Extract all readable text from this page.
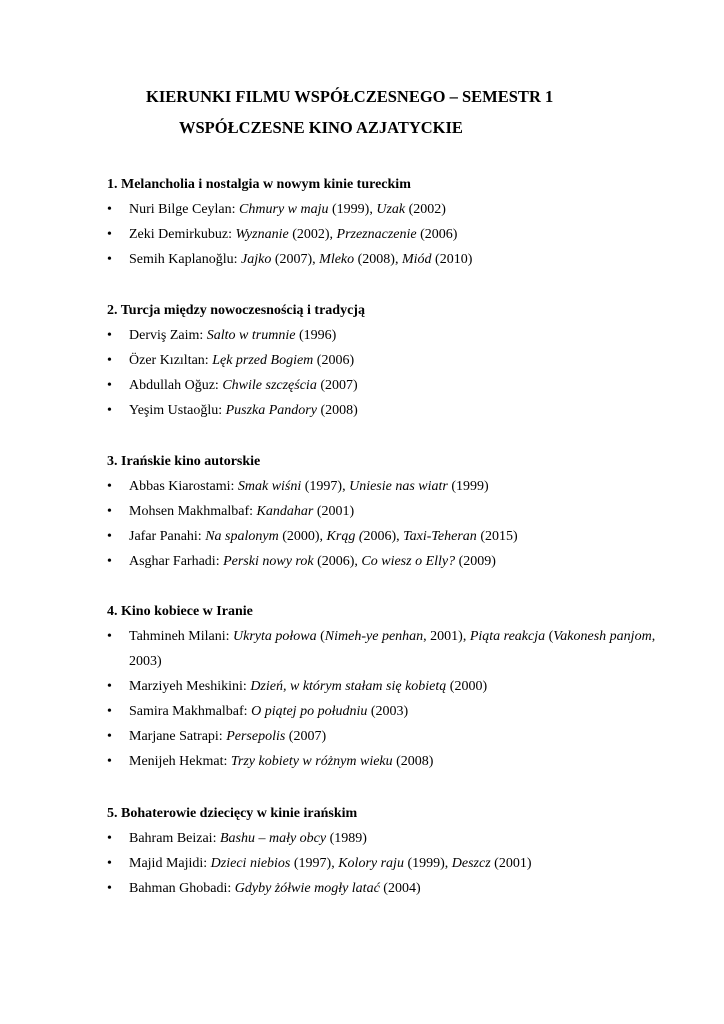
KIERUNKI FILMU WSPÓŁCZESNEGO – SEMESTR 1
WSPÓŁCZESNE KINO AZJATYCKIE
1. Melancholia i nostalgia w nowym kinie tureckim
• Nuri Bilge Ceylan: Chmury w maju (1999), Uzak (2002)
• Zeki Demirkubuz: Wyznanie (2002), Przeznaczenie (2006)
• Semih Kaplanoğlu: Jajko (2007), Mleko (2008), Miód (2010)
2. Turcja między nowoczesnością i tradycją
• Derviş Zaim: Salto w trumnie (1996)
• Özer Kızıltan: Lęk przed Bogiem (2006)
• Abdullah Oğuz: Chwile szczęścia (2007)
• Yeşim Ustaoğlu: Puszka Pandory (2008)
3. Irańskie kino autorskie
• Abbas Kiarostami: Smak wiśni (1997), Uniesie nas wiatr (1999)
• Mohsen Makhmalbaf: Kandahar (2001)
• Jafar Panahi: Na spalonym (2000), Krąg (2006), Taxi-Teheran (2015)
• Asghar Farhadi: Perski nowy rok (2006), Co wiesz o Elly? (2009)
4. Kino kobiece w Iranie
• Tahmineh Milani: Ukryta połowa (Nimeh-ye penhan, 2001), Piąta reakcja (Vakonesh panjom, 2003)
• Marziyeh Meshikini: Dzień, w którym stałam się kobietą (2000)
• Samira Makhmalbaf: O piątej po południu (2003)
• Marjane Satrapi: Persepolis (2007)
• Menijeh Hekmat: Trzy kobiety w różnym wieku (2008)
5. Bohaterowie dziecięcy w kinie irańskim
• Bahram Beizai: Bashu – mały obcy (1989)
• Majid Majidi: Dzieci niebios (1997), Kolory raju (1999), Deszcz (2001)
• Bahman Ghobadi: Gdyby żółwie mogły latać (2004)
